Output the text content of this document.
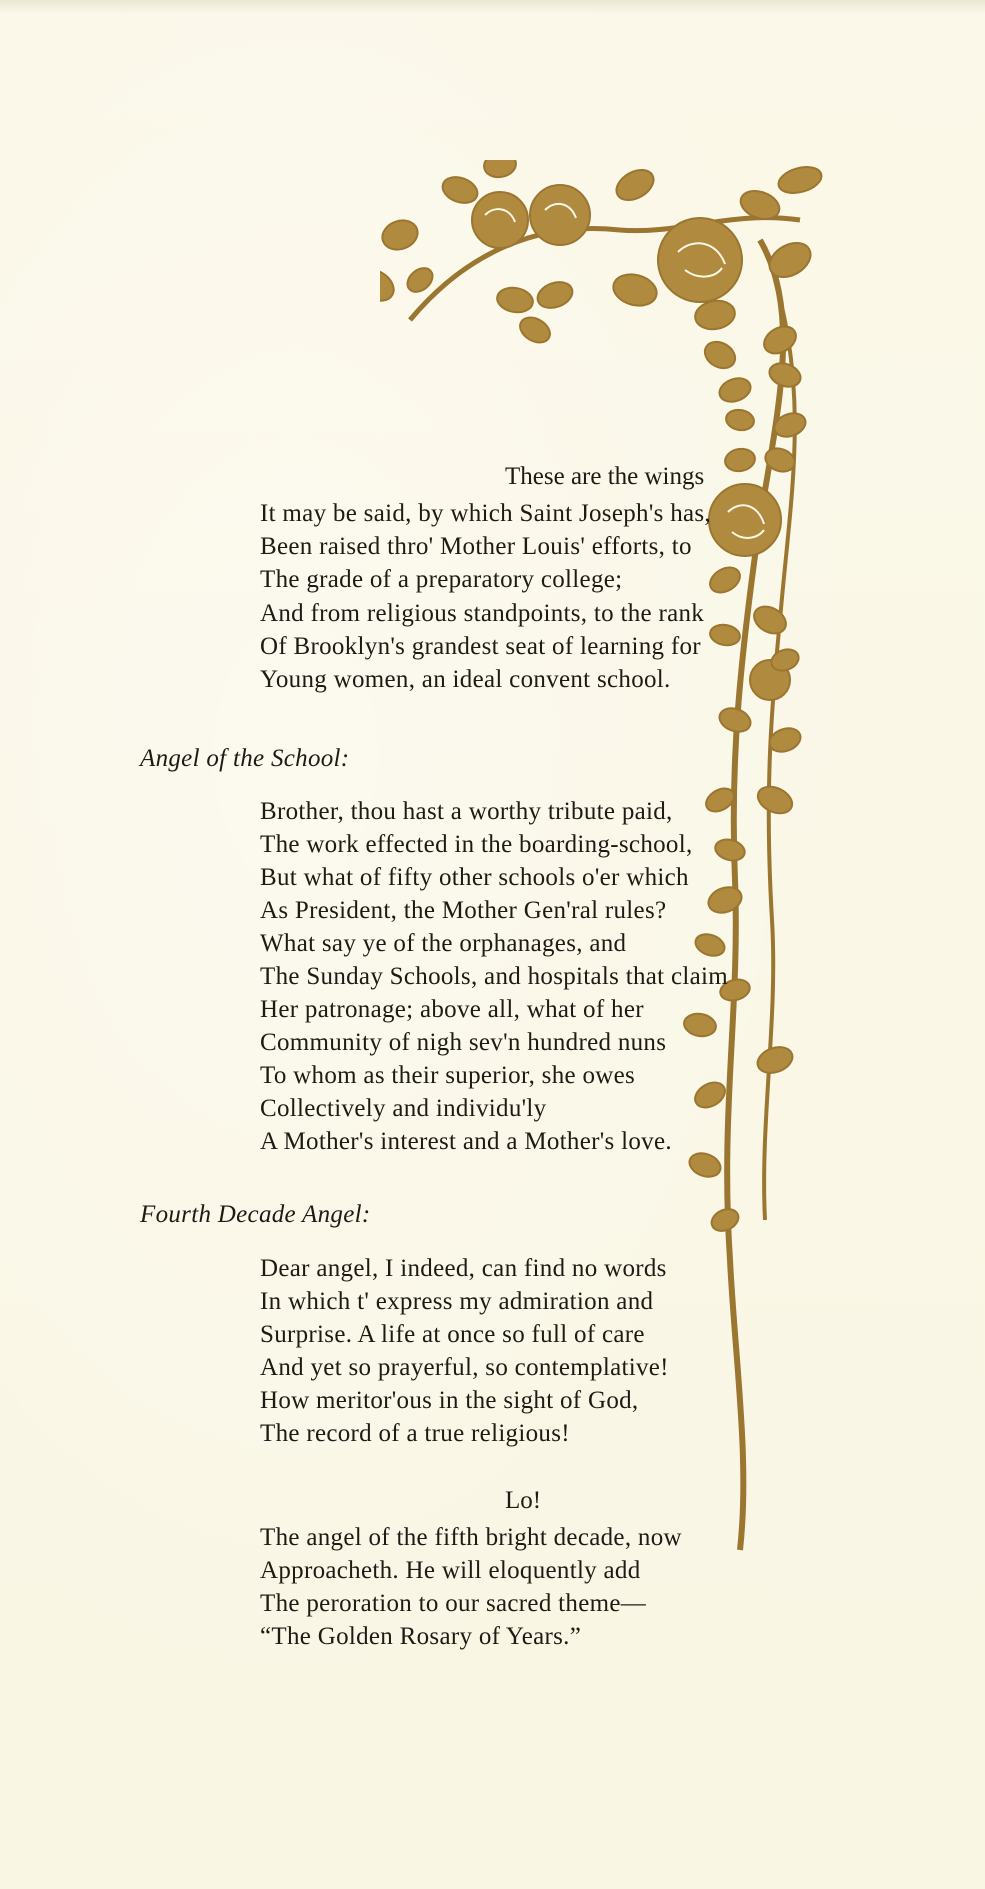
These are the wings
It may be said, by which Saint Joseph's has,
Been raised thro' Mother Louis' efforts, to
The grade of a preparatory college;
And from religious standpoints, to the rank
Of Brooklyn's grandest seat of learning for
Young women, an ideal convent school.
Angel of the School:
Brother, thou hast a worthy tribute paid,
The work effected in the boarding-school,
But what of fifty other schools o'er which
As President, the Mother Gen'ral rules?
What say ye of the orphanages, and
The Sunday Schools, and hospitals that claim
Her patronage; above all, what of her
Community of nigh sev'n hundred nuns
To whom as their superior, she owes
Collectively and individu'ly
A Mother's interest and a Mother's love.
Fourth Decade Angel:
Dear angel, I indeed, can find no words
In which t' express my admiration and
Surprise. A life at once so full of care
And yet so prayerful, so contemplative!
How meritor'ous in the sight of God,
The record of a true religious!
Lo!
The angel of the fifth bright decade, now
Approacheth. He will eloquently add
The peroration to our sacred theme—
“The Golden Rosary of Years.”
